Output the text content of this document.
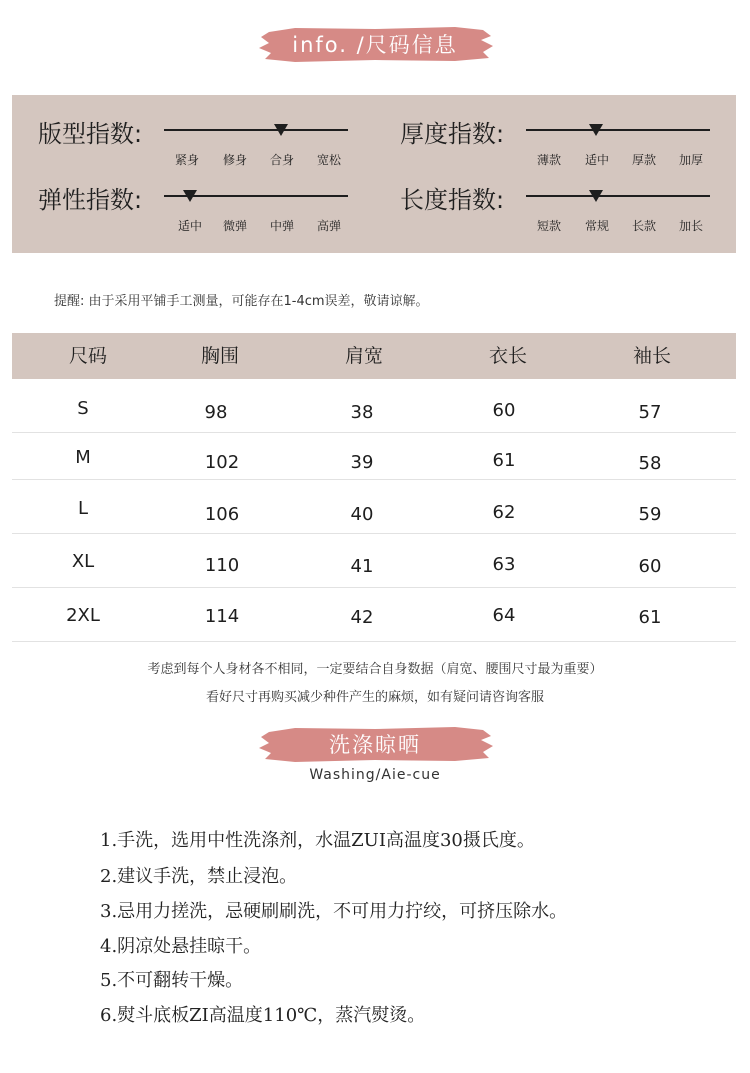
info. /尺码信息
版型指数:
紧身	修身	合身	宽松
厚度指数:
薄款	适中	厚款	加厚
弹性指数:
适中	微弹	中弹	高弹
长度指数:
短款	常规	长款	加长
提醒: 由于采用平铺手工测量，可能存在1-4cm误差，敬请谅解。
尺码	胸围	肩宽	衣长	袖长
S	98	38	60	57
M	102	39	61	58
L	106	40	62	59
XL	110	41	63	60
2XL	114	42	64	61
考虑到每个人身材各不相同，一定要结合自身数据（肩宽、腰围尺寸最为重要）
看好尺寸再购买减少种件产生的麻烦，如有疑问请咨询客服
洗涤晾晒
Washing/Aie-cue
1.手洗，选用中性洗涤剂，水温ZUI高温度30摄氏度。
2.建议手洗，禁止浸泡。
3.忌用力搓洗，忌硬刷刷洗，不可用力拧绞，可挤压除水。
4.阴凉处悬挂晾干。
5.不可翻转干燥。
6.熨斗底板ZI高温度110℃，蒸汽熨烫。
